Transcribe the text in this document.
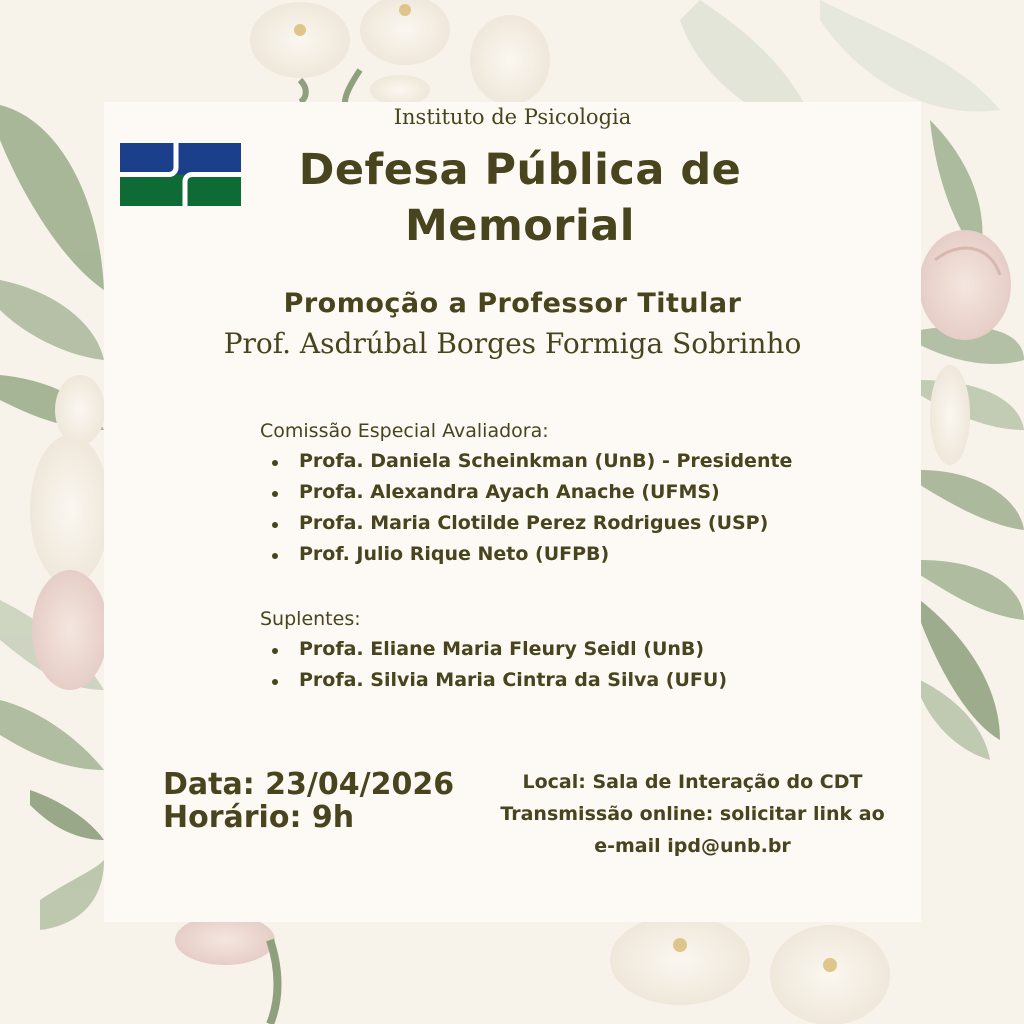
Instituto de Psicologia
Defesa Pública de
Memorial
Promoção a Professor Titular
Prof. Asdrúbal Borges Formiga Sobrinho
Comissão Especial Avaliadora:
Profa. Daniela Scheinkman (UnB) - Presidente
Profa. Alexandra Ayach Anache (UFMS)
Profa. Maria Clotilde Perez Rodrigues (USP)
Prof. Julio Rique Neto (UFPB)
Suplentes:
Profa. Eliane Maria Fleury Seidl (UnB)
Profa. Silvia Maria Cintra da Silva (UFU)
Data: 23/04/2026
Horário: 9h
Local: Sala de Interação do CDT
Transmissão online: solicitar link ao
e-mail ipd@unb.br
